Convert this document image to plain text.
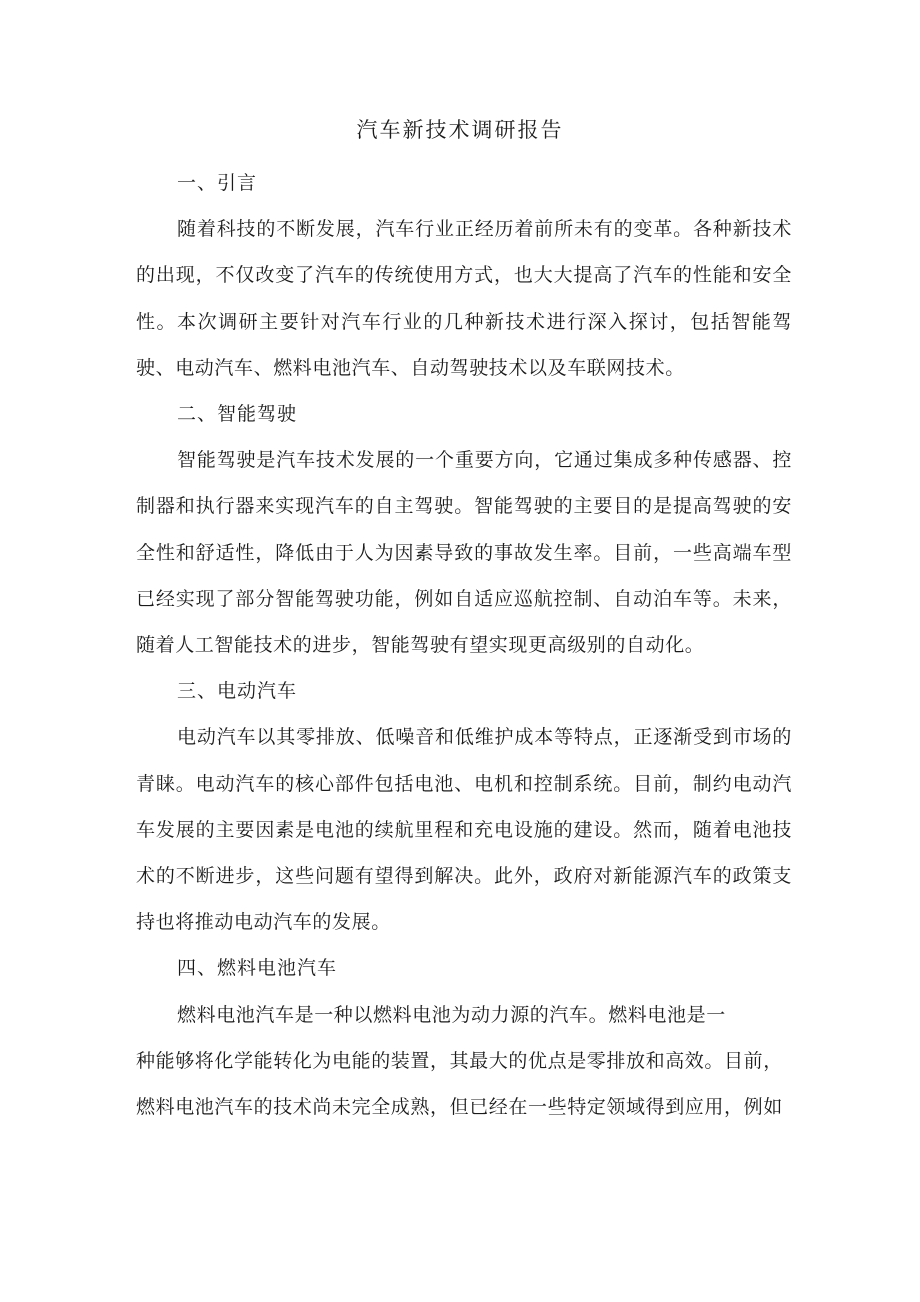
汽车新技术调研报告

一、引言

随着科技的不断发展，汽车行业正经历着前所未有的变革。各种新技术的出现，不仅改变了汽车的传统使用方式，也大大提高了汽车的性能和安全性。本次调研主要针对汽车行业的几种新技术进行深入探讨，包括智能驾驶、电动汽车、燃料电池汽车、自动驾驶技术以及车联网技术。

二、智能驾驶

智能驾驶是汽车技术发展的一个重要方向，它通过集成多种传感器、控制器和执行器来实现汽车的自主驾驶。智能驾驶的主要目的是提高驾驶的安全性和舒适性，降低由于人为因素导致的事故发生率。目前，一些高端车型已经实现了部分智能驾驶功能，例如自适应巡航控制、自动泊车等。未来，随着人工智能技术的进步，智能驾驶有望实现更高级别的自动化。

三、电动汽车

电动汽车以其零排放、低噪音和低维护成本等特点，正逐渐受到市场的青睐。电动汽车的核心部件包括电池、电机和控制系统。目前，制约电动汽车发展的主要因素是电池的续航里程和充电设施的建设。然而，随着电池技术的不断进步，这些问题有望得到解决。此外，政府对新能源汽车的政策支持也将推动电动汽车的发展。

四、燃料电池汽车

燃料电池汽车是一种以燃料电池为动力源的汽车。燃料电池是一
种能够将化学能转化为电能的装置，其最大的优点是零排放和高效。目前，
燃料电池汽车的技术尚未完全成熟，但已经在一些特定领域得到应用，例如
